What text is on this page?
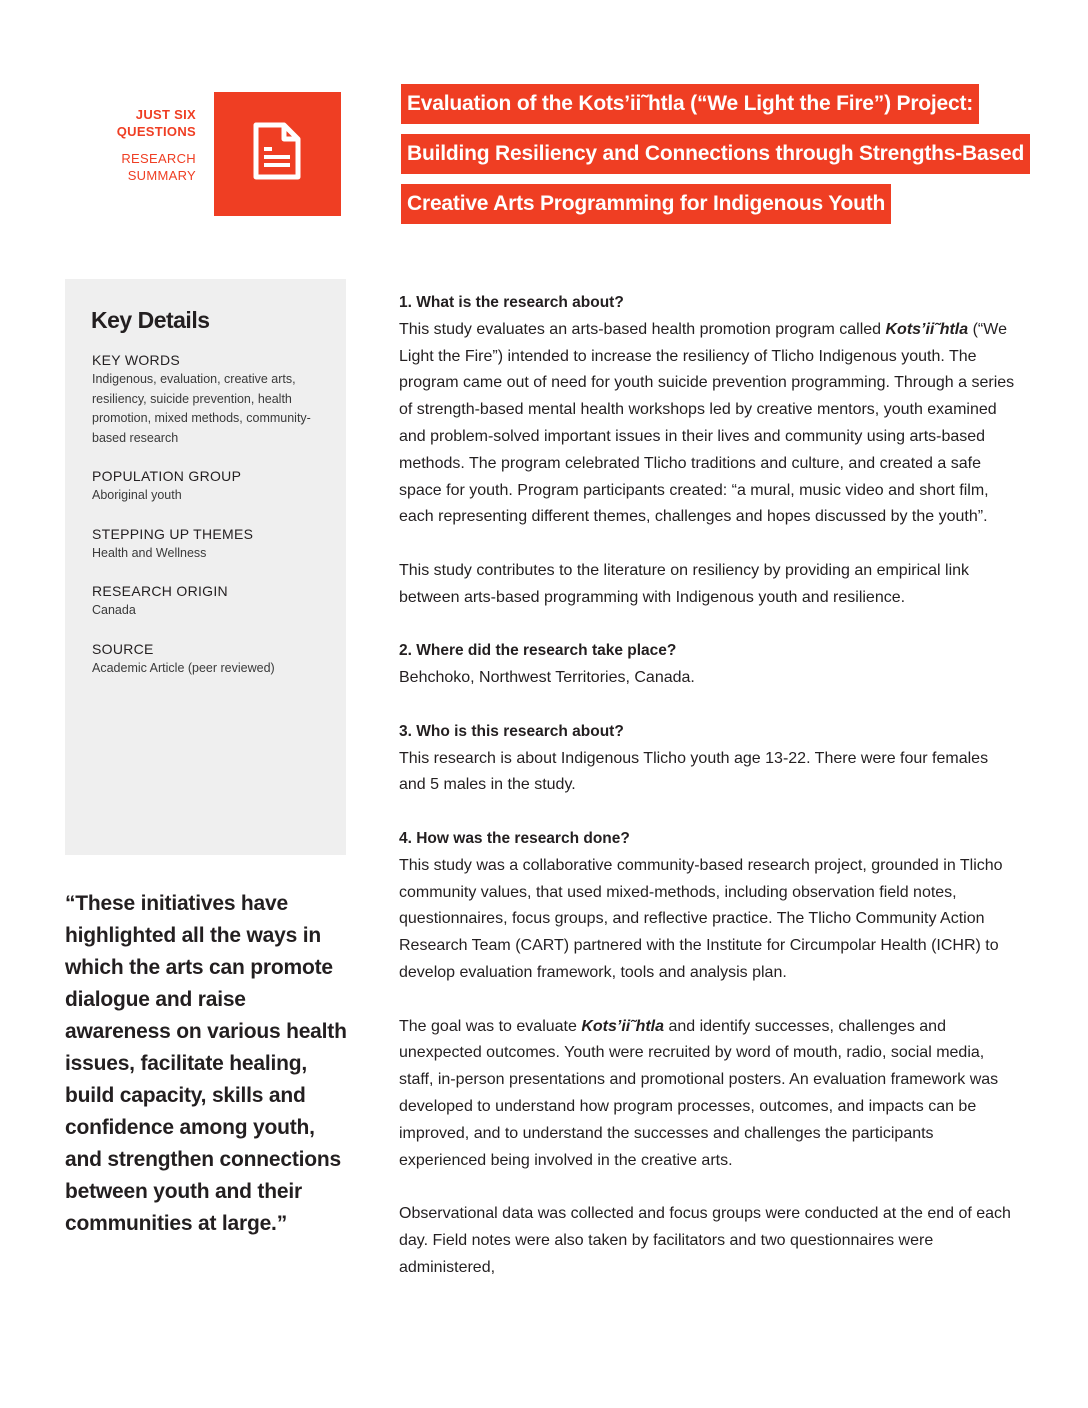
JUST SIX
QUESTIONS
RESEARCH
SUMMARY
Evaluation of the Kots’ii˜htla (“We Light the Fire”) Project:
Building Resiliency and Connections through Strengths-Based
Creative Arts Programming for Indigenous Youth
Key Details
KEY WORDS
Indigenous, evaluation, creative arts, resiliency, suicide prevention, health promotion, mixed methods, community-based research
POPULATION GROUP
Aboriginal youth
STEPPING UP THEMES
Health and Wellness
RESEARCH ORIGIN
Canada
SOURCE
Academic Article (peer reviewed)
“These initiatives have highlighted all the ways in which the arts can promote dialogue and raise awareness on various health issues, facilitate healing, build capacity, skills and confidence among youth, and strengthen connections between youth and their communities at large.”
1. What is the research about?

This study evaluates an arts-based health promotion program called Kots’ii˜htla (“We Light the Fire”) intended to increase the resiliency of Tlicho Indigenous youth. The program came out of need for youth suicide prevention programming. Through a series of strength-based mental health workshops led by creative mentors, youth examined and problem-solved important issues in their lives and community using arts-based methods. The program celebrated Tlicho traditions and culture, and created a safe space for youth. Program participants created: “a mural, music video and short film, each representing different themes, challenges and hopes discussed by the youth”.

This study contributes to the literature on resiliency by providing an empirical link between arts-based programming with Indigenous youth and resilience.

2. Where did the research take place?

Behchoko, Northwest Territories, Canada.

3. Who is this research about?

This research is about Indigenous Tlicho youth age 13-22. There were four females and 5 males in the study.

4. How was the research done?

This study was a collaborative community-based research project, grounded in Tlicho community values, that used mixed-methods, including observation field notes, questionnaires, focus groups, and reflective practice. The Tlicho Community Action Research Team (CART) partnered with the Institute for Circumpolar Health (ICHR) to develop evaluation framework, tools and analysis plan.

The goal was to evaluate Kots’ii˜htla and identify successes, challenges and unexpected outcomes. Youth were recruited by word of mouth, radio, social media, staff, in-person presentations and promotional posters. An evaluation framework was developed to understand how program processes, outcomes, and impacts can be improved, and to understand the successes and challenges the participants experienced being involved in the creative arts.

Observational data was collected and focus groups were conducted at the end of each day. Field notes were also taken by facilitators and two questionnaires were administered,
